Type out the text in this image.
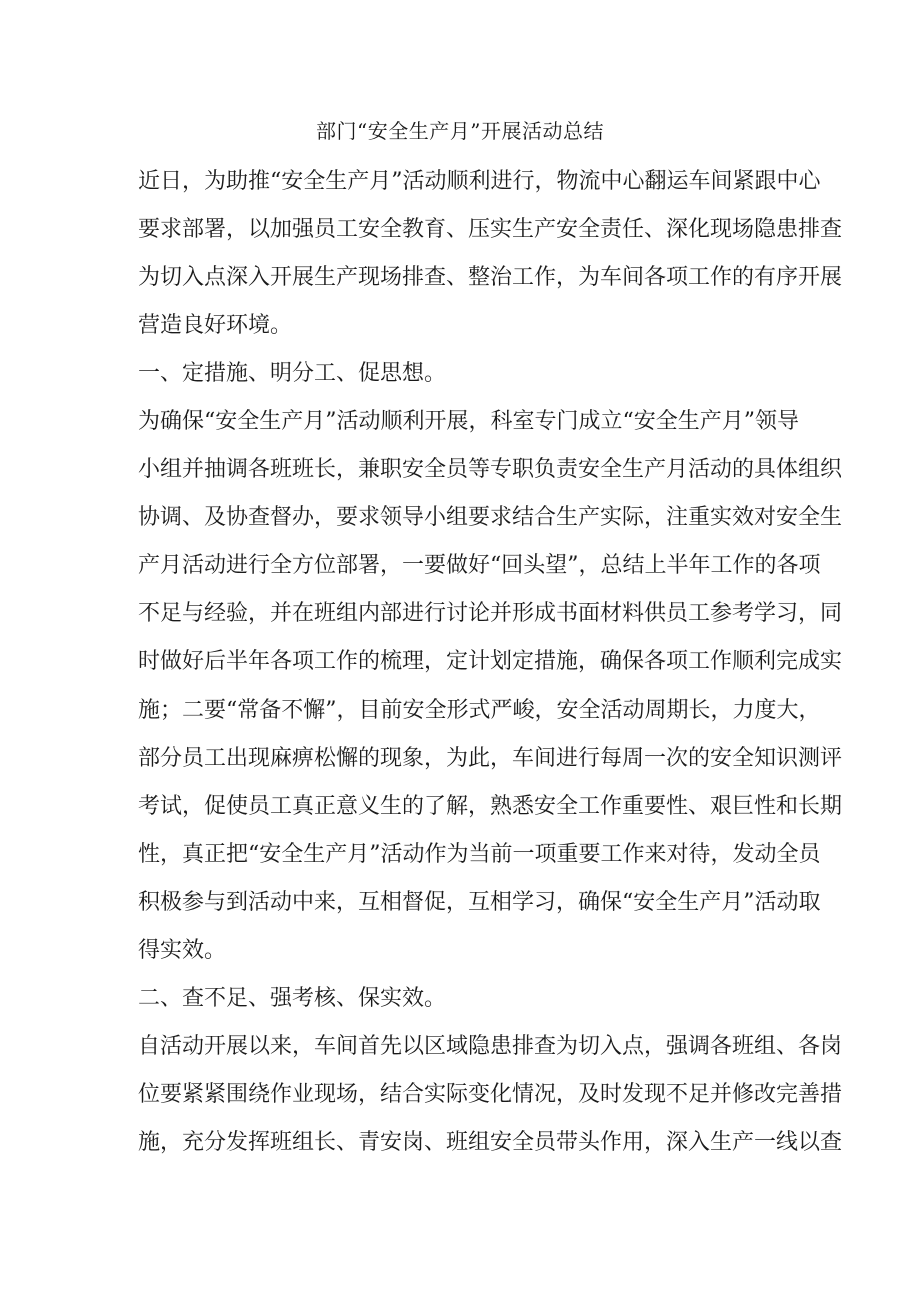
部门“安全生产月”开展活动总结
近日，为助推“安全生产月”活动顺利进行，物流中心翻运车间紧跟中心
要求部署，以加强员工安全教育、压实生产安全责任、深化现场隐患排查
为切入点深入开展生产现场排查、整治工作，为车间各项工作的有序开展
营造良好环境。
一、定措施、明分工、促思想。
为确保“安全生产月”活动顺利开展，科室专门成立“安全生产月”领导
小组并抽调各班班长，兼职安全员等专职负责安全生产月活动的具体组织
协调、及协查督办，要求领导小组要求结合生产实际，注重实效对安全生
产月活动进行全方位部署，一要做好“回头望”，总结上半年工作的各项
不足与经验，并在班组内部进行讨论并形成书面材料供员工参考学习，同
时做好后半年各项工作的梳理，定计划定措施，确保各项工作顺利完成实
施；二要“常备不懈”，目前安全形式严峻，安全活动周期长，力度大，
部分员工出现麻痹松懈的现象，为此，车间进行每周一次的安全知识测评
考试，促使员工真正意义生的了解，熟悉安全工作重要性、艰巨性和长期
性，真正把“安全生产月”活动作为当前一项重要工作来对待，发动全员
积极参与到活动中来，互相督促，互相学习，确保“安全生产月”活动取
得实效。
二、查不足、强考核、保实效。
自活动开展以来，车间首先以区域隐患排查为切入点，强调各班组、各岗
位要紧紧围绕作业现场，结合实际变化情况，及时发现不足并修改完善措
施，充分发挥班组长、青安岗、班组安全员带头作用，深入生产一线以查
